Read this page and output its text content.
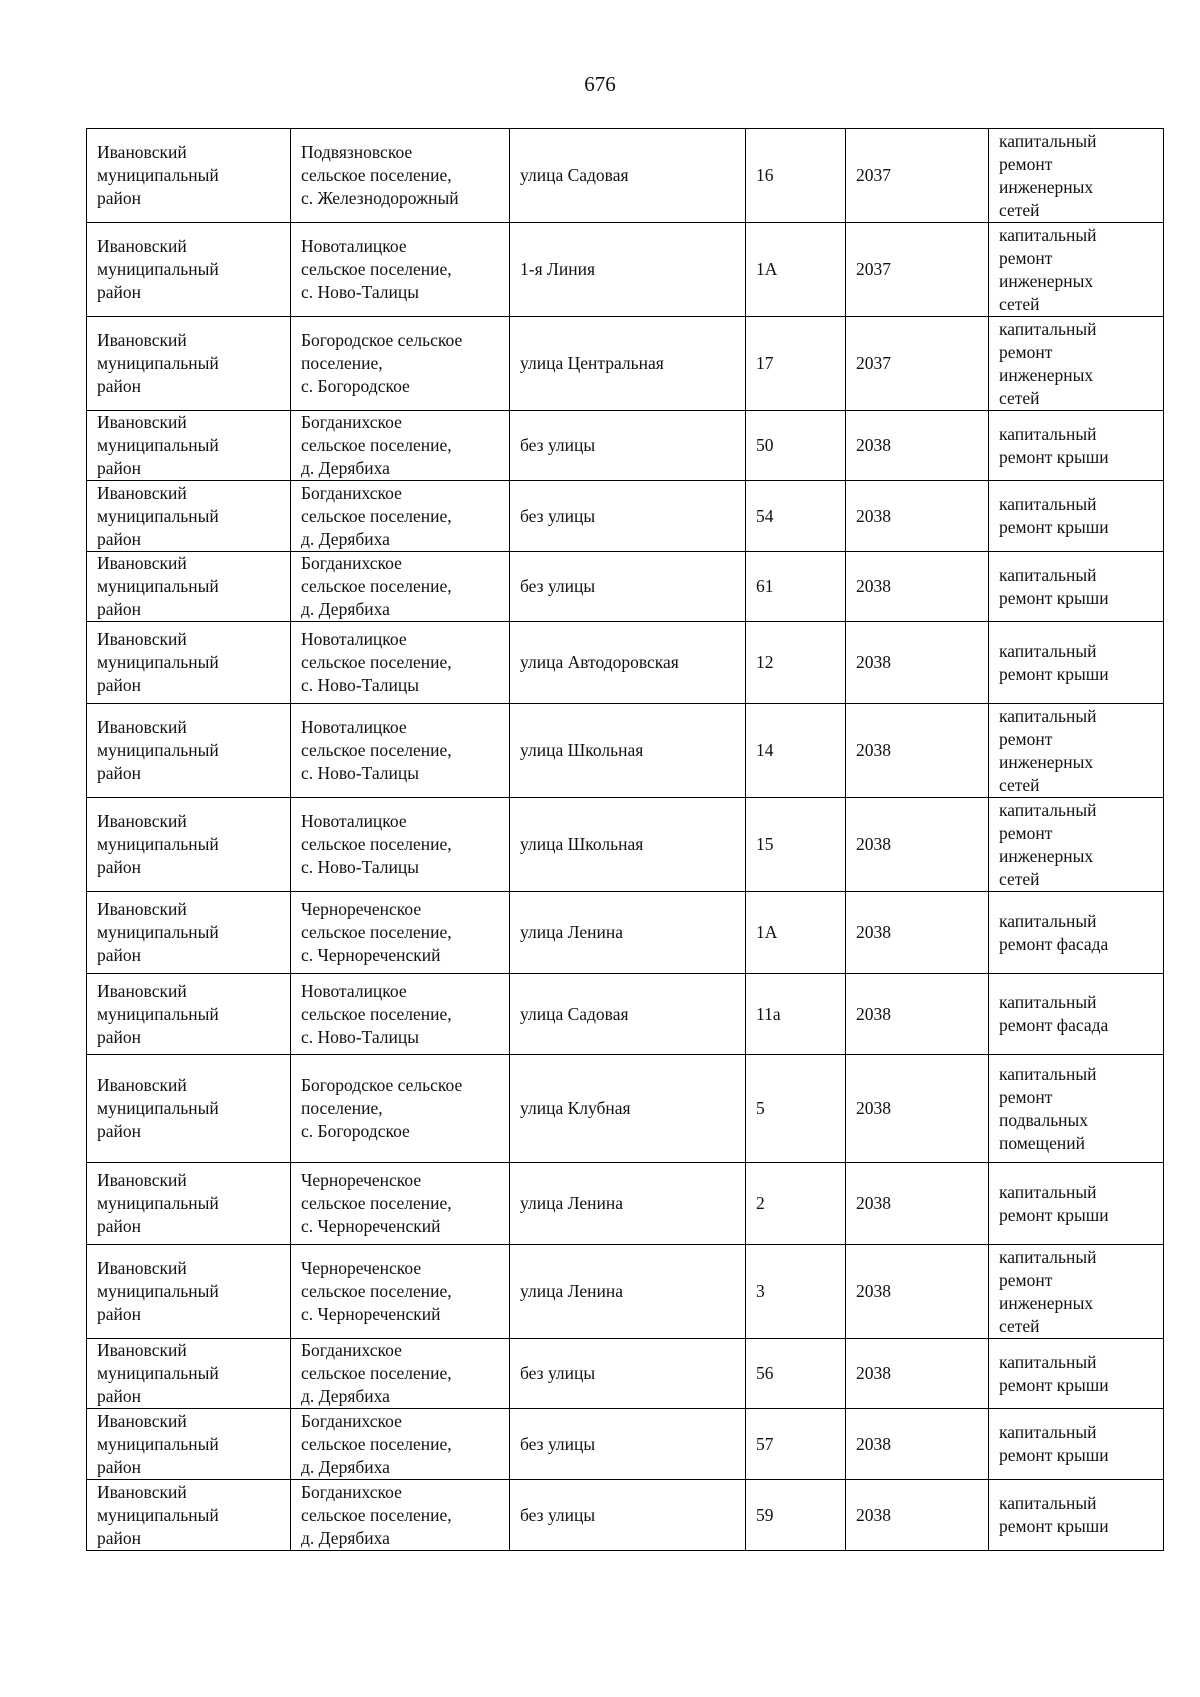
676
Ивановский
муниципальный
район	Подвязновское
сельское поселение,
с. Железнодорожный	улица Садовая	16	2037	капитальный
ремонт
инженерных
сетей

Ивановский
муниципальный
район	Новоталицкое
сельское поселение,
с. Ново-Талицы	1-я Линия	1А	2037	капитальный
ремонт
инженерных
сетей

Ивановский
муниципальный
район	Богородское сельское
поселение,
с. Богородское	улица Центральная	17	2037	капитальный
ремонт
инженерных
сетей

Ивановский
муниципальный
район	Богданихское
сельское поселение,
д. Дерябиха	без улицы	50	2038	капитальный
ремонт крыши

Ивановский
муниципальный
район	Богданихское
сельское поселение,
д. Дерябиха	без улицы	54	2038	капитальный
ремонт крыши

Ивановский
муниципальный
район	Богданихское
сельское поселение,
д. Дерябиха	без улицы	61	2038	капитальный
ремонт крыши

Ивановский
муниципальный
район	Новоталицкое
сельское поселение,
с. Ново-Талицы	улица Автодоровская	12	2038	капитальный
ремонт крыши

Ивановский
муниципальный
район	Новоталицкое
сельское поселение,
с. Ново-Талицы	улица Школьная	14	2038	капитальный
ремонт
инженерных
сетей

Ивановский
муниципальный
район	Новоталицкое
сельское поселение,
с. Ново-Талицы	улица Школьная	15	2038	капитальный
ремонт
инженерных
сетей

Ивановский
муниципальный
район	Чернореченское
сельское поселение,
с. Чернореченский	улица Ленина	1А	2038	капитальный
ремонт фасада

Ивановский
муниципальный
район	Новоталицкое
сельское поселение,
с. Ново-Талицы	улица Садовая	11а	2038	капитальный
ремонт фасада

Ивановский
муниципальный
район	Богородское сельское
поселение,
с. Богородское	улица Клубная	5	2038	капитальный
ремонт
подвальных
помещений

Ивановский
муниципальный
район	Чернореченское
сельское поселение,
с. Чернореченский	улица Ленина	2	2038	капитальный
ремонт крыши

Ивановский
муниципальный
район	Чернореченское
сельское поселение,
с. Чернореченский	улица Ленина	3	2038	капитальный
ремонт
инженерных
сетей

Ивановский
муниципальный
район	Богданихское
сельское поселение,
д. Дерябиха	без улицы	56	2038	капитальный
ремонт крыши

Ивановский
муниципальный
район	Богданихское
сельское поселение,
д. Дерябиха	без улицы	57	2038	капитальный
ремонт крыши

Ивановский
муниципальный
район	Богданихское
сельское поселение,
д. Дерябиха	без улицы	59	2038	капитальный
ремонт крыши
